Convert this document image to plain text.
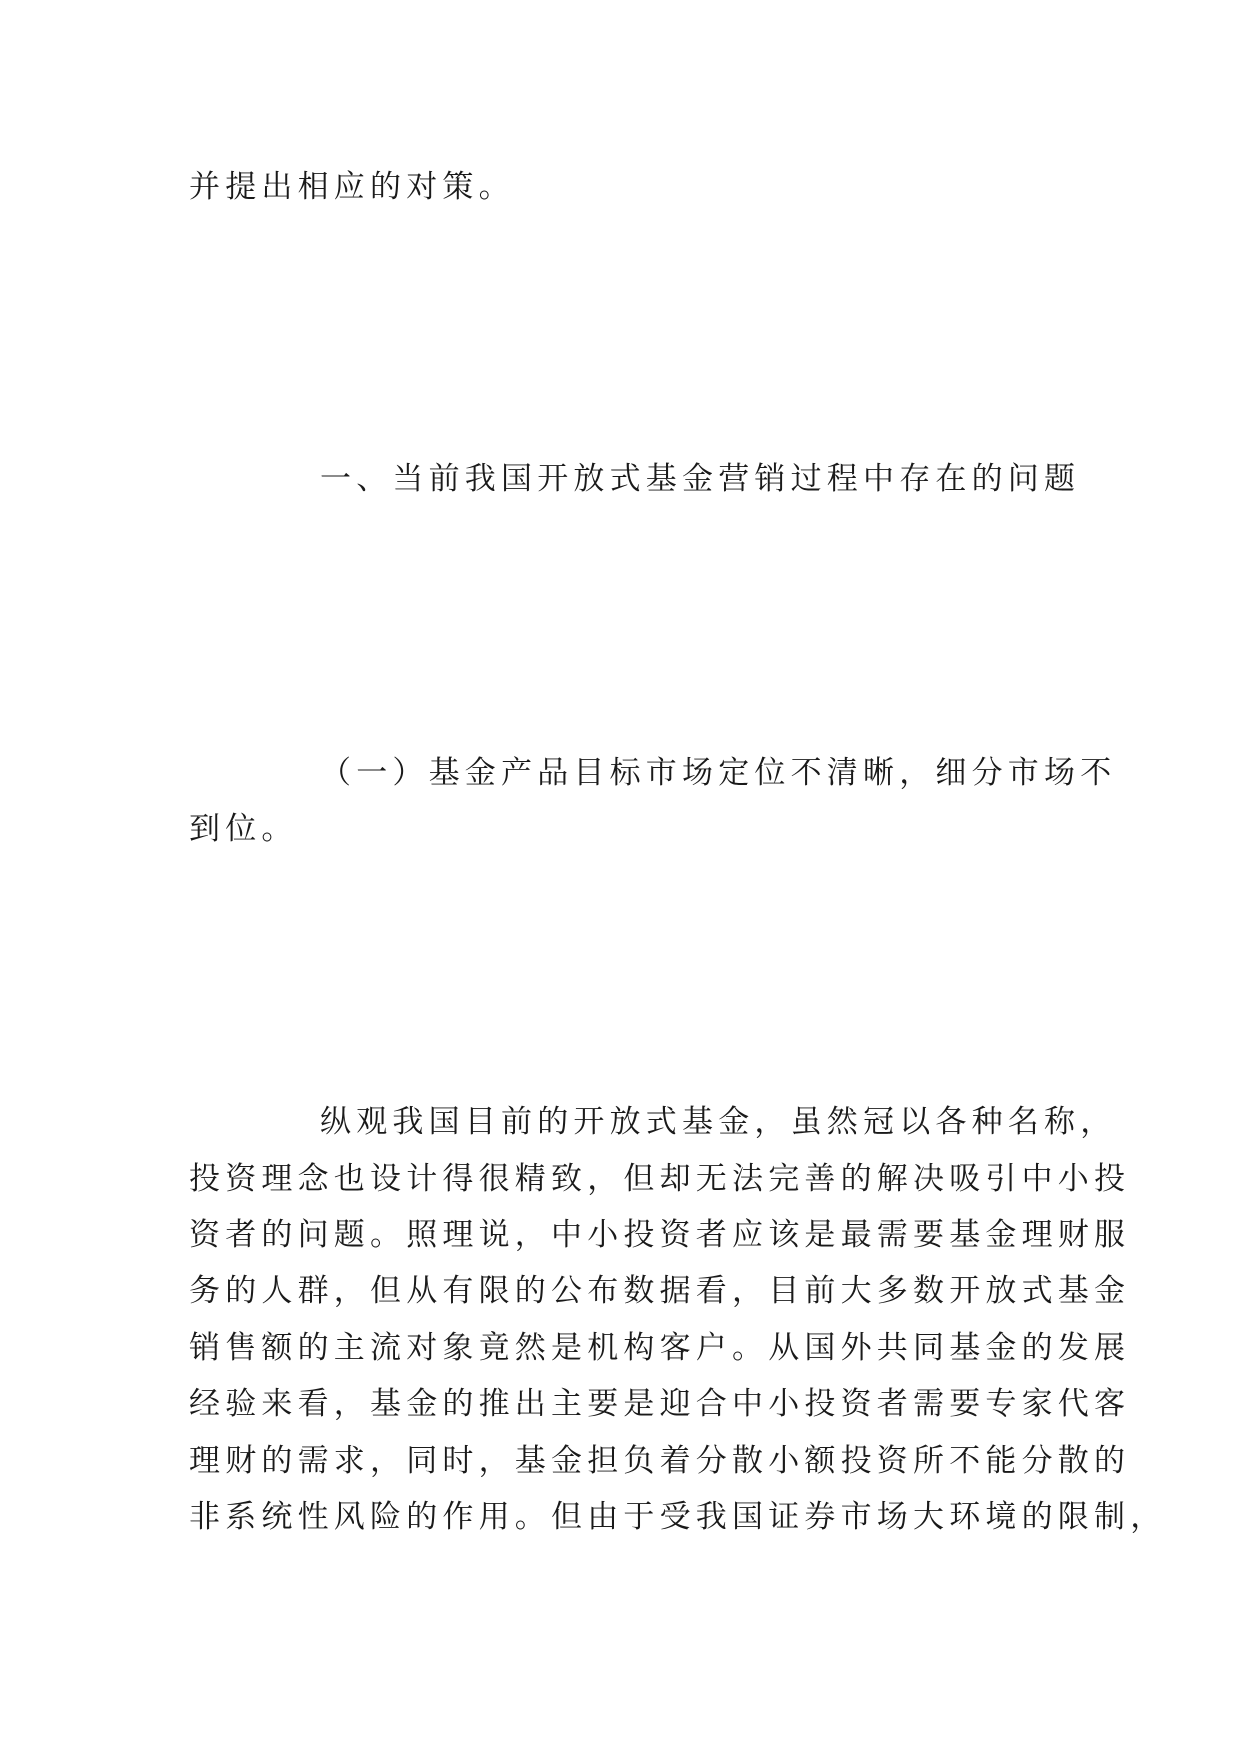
并提出相应的对策。
一、当前我国开放式基金营销过程中存在的问题
（一）基金产品目标市场定位不清晰，细分市场不
到位。
纵观我国目前的开放式基金，虽然冠以各种名称，
投资理念也设计得很精致，但却无法完善的解决吸引中小投
资者的问题。照理说，中小投资者应该是最需要基金理财服
务的人群，但从有限的公布数据看，目前大多数开放式基金
销售额的主流对象竟然是机构客户。从国外共同基金的发展
经验来看，基金的推出主要是迎合中小投资者需要专家代客
理财的需求，同时，基金担负着分散小额投资所不能分散的
非系统性风险的作用。但由于受我国证券市场大环境的限制，
